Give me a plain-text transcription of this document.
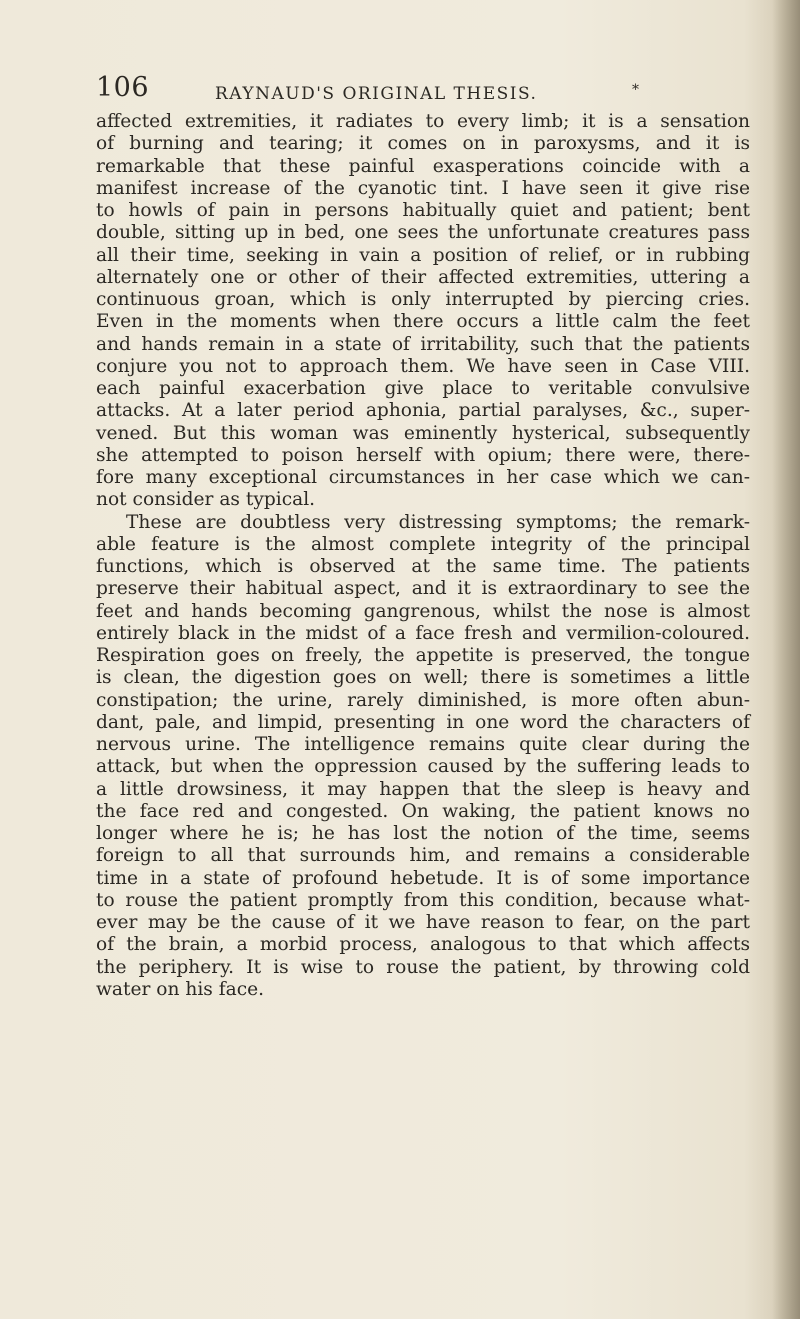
106	RAYNAUD'S ORIGINAL THESIS.	*

affected extremities, it radiates to every limb; it is a sensation
of burning and tearing; it comes on in paroxysms, and it is
remarkable that these painful exasperations coincide with a
manifest increase of the cyanotic tint. I have seen it give rise
to howls of pain in persons habitually quiet and patient; bent
double, sitting up in bed, one sees the unfortunate creatures pass
all their time, seeking in vain a position of relief, or in rubbing
alternately one or other of their affected extremities, uttering a
continuous groan, which is only interrupted by piercing cries.
Even in the moments when there occurs a little calm the feet
and hands remain in a state of irritability, such that the patients
conjure you not to approach them. We have seen in Case VIII.
each painful exacerbation give place to veritable convulsive
attacks. At a later period aphonia, partial paralyses, &c., super-
vened. But this woman was eminently hysterical, subsequently
she attempted to poison herself with opium; there were, there-
fore many exceptional circumstances in her case which we can-
not consider as typical.
These are doubtless very distressing symptoms; the remark-
able feature is the almost complete integrity of the principal
functions, which is observed at the same time. The patients
preserve their habitual aspect, and it is extraordinary to see the
feet and hands becoming gangrenous, whilst the nose is almost
entirely black in the midst of a face fresh and vermilion-coloured.
Respiration goes on freely, the appetite is preserved, the tongue
is clean, the digestion goes on well; there is sometimes a little
constipation; the urine, rarely diminished, is more often abun-
dant, pale, and limpid, presenting in one word the characters of
nervous urine. The intelligence remains quite clear during the
attack, but when the oppression caused by the suffering leads to
a little drowsiness, it may happen that the sleep is heavy and
the face red and congested. On waking, the patient knows no
longer where he is; he has lost the notion of the time, seems
foreign to all that surrounds him, and remains a considerable
time in a state of profound hebetude. It is of some importance
to rouse the patient promptly from this condition, because what-
ever may be the cause of it we have reason to fear, on the part
of the brain, a morbid process, analogous to that which affects
the periphery. It is wise to rouse the patient, by throwing cold
water on his face.
